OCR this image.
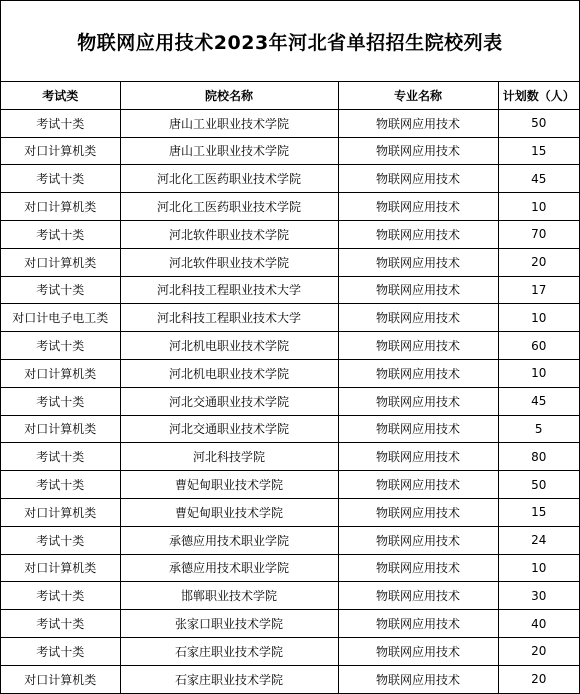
物联网应用技术2023年河北省单招招生院校列表
考试类	院校名称	专业名称	计划数（人）
考试十类	唐山工业职业技术学院	物联网应用技术	50
对口计算机类	唐山工业职业技术学院	物联网应用技术	15
考试十类	河北化工医药职业技术学院	物联网应用技术	45
对口计算机类	河北化工医药职业技术学院	物联网应用技术	10
考试十类	河北软件职业技术学院	物联网应用技术	70
对口计算机类	河北软件职业技术学院	物联网应用技术	20
考试十类	河北科技工程职业技术大学	物联网应用技术	17
对口计电子电工类	河北科技工程职业技术大学	物联网应用技术	10
考试十类	河北机电职业技术学院	物联网应用技术	60
对口计算机类	河北机电职业技术学院	物联网应用技术	10
考试十类	河北交通职业技术学院	物联网应用技术	45
对口计算机类	河北交通职业技术学院	物联网应用技术	5
考试十类	河北科技学院	物联网应用技术	80
考试十类	曹妃甸职业技术学院	物联网应用技术	50
对口计算机类	曹妃甸职业技术学院	物联网应用技术	15
考试十类	承德应用技术职业学院	物联网应用技术	24
对口计算机类	承德应用技术职业学院	物联网应用技术	10
考试十类	邯郸职业技术学院	物联网应用技术	30
考试十类	张家口职业技术学院	物联网应用技术	40
考试十类	石家庄职业技术学院	物联网应用技术	20
对口计算机类	石家庄职业技术学院	物联网应用技术	20
